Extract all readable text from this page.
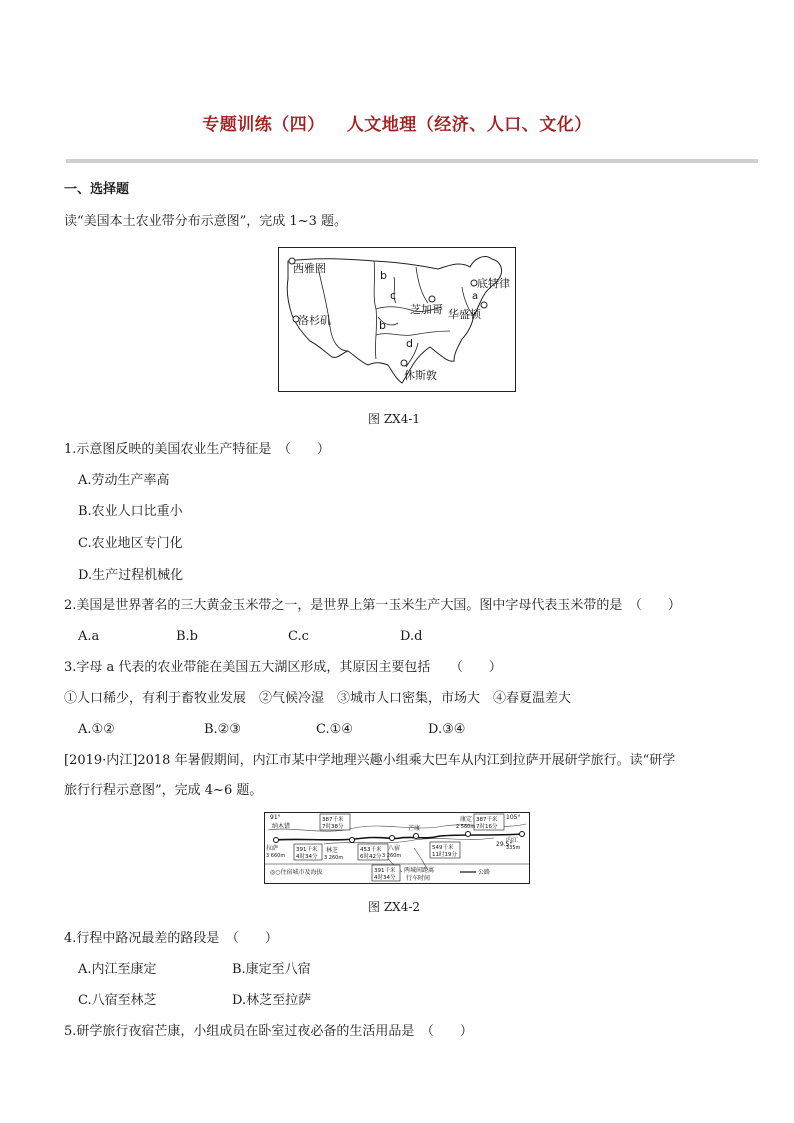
专题训练（四） 人文地理（经济、人口、文化）
一、选择题
读“美国本土农业带分布示意图”，完成 1~3 题。
西雅图
洛杉矶
芝加哥
底特律
华盛顿
休斯敦
a
b
b
c
d
图 ZX4-1
1.示意图反映的美国农业生产特征是　（　　）
A.劳动生产率高
B.农业人口比重小
C.农业地区专门化
D.生产过程机械化
2.美国是世界著名的三大黄金玉米带之一，是世界上第一玉米生产大国。图中字母代表玉米带的是　（　　）
A.a	B.b	C.c	D.d
3.字母 a 代表的农业带能在美国五大湖区形成，其原因主要包括　　（　　）
①人口稀少，有利于畜牧业发展　②气候冷湿　③城市人口密集，市场大　④春夏温差大
A.①②	B.②③	C.①④	D.③④
[2019·内江]2018 年暑假期间，内江市某中学地理兴趣小组乘大巴车从内江到拉萨开展研学旅行。读“研学
旅行行程示意图”，完成 4~6 题。
91°	105°
29.5°
纳木错
拉萨
3 660m
林芝
3 260m
八宿
3 260m
芒康
康定
2 560m
内江
335m
387千米
7时38分
387千米
7时16分
391千米
4时34分
453千米
6时42分
549千米
11时19分
◎○住宿城市及海拔	391千米
4时34分
两城间距离
行车时间
公路
图 ZX4-2
4.行程中路况最差的路段是　（　　）
A.内江至康定	B.康定至八宿
C.八宿至林芝	D.林芝至拉萨
5.研学旅行夜宿芒康，小组成员在卧室过夜必备的生活用品是　（　　）
